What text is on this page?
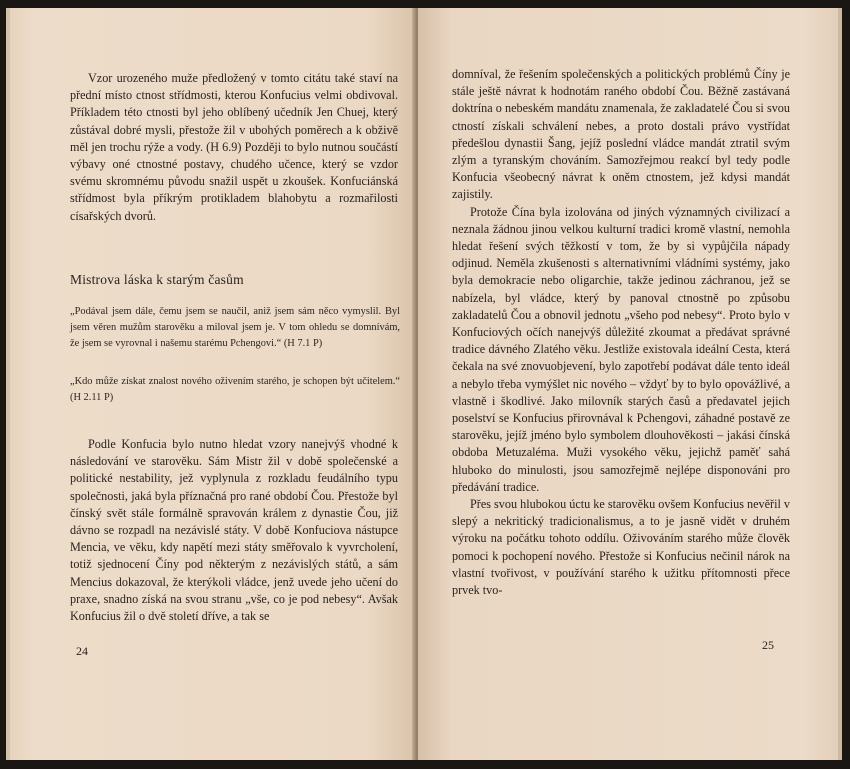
Vzor urozeného muže předložený v tomto citátu také staví na přední místo ctnost střídmosti, kterou Konfucius velmi obdivoval. Příkladem této ctnosti byl jeho oblíbený učedník Jen Chuej, který zůstával dobré mysli, přestože žil v ubohých poměrech a k obživě měl jen trochu rýže a vody. (H 6.9) Později to bylo nutnou součástí výbavy oné ctnostné postavy, chudého učence, který se vzdor svému skromnému původu snažil uspět u zkoušek. Konfuciánská střídmost byla příkrým protikladem blahobytu a rozmařilosti císařských dvorů.

Mistrova láska k starým časům
„Podával jsem dále, čemu jsem se naučil, aniž jsem sám něco vymyslil. Byl jsem věren mužům starověku a miloval jsem je. V tom ohledu se domnívám, že jsem se vyrovnal i našemu starému Pchengovi.“ (H 7.1 P)
„Kdo může získat znalost nového oživením starého, je schopen být učitelem.“ (H 2.11 P)

Podle Konfucia bylo nutno hledat vzory nanejvýš vhodné k následování ve starověku. Sám Mistr žil v době společenské a politické nestability, jež vyplynula z rozkladu feudálního typu společnosti, jaká byla příznačná pro rané období Čou. Přestože byl čínský svět stále formálně spravován králem z dynastie Čou, již dávno se rozpadl na nezávislé státy. V době Konfuciova nástupce Mencia, ve věku, kdy napětí mezi státy směřovalo k vyvrcholení, totiž sjednocení Číny pod některým z nezávislých států, a sám Mencius dokazoval, že kterýkoli vládce, jenž uvede jeho učení do praxe, snadno získá na svou stranu „vše, co je pod nebesy“. Avšak Konfucius žil o dvě století dříve, a tak se

24

domníval, že řešením společenských a politických problémů Číny je stále ještě návrat k hodnotám raného období Čou. Běžně zastávaná doktrína o nebeském mandátu znamenala, že zakladatelé Čou si svou ctností získali schválení nebes, a proto dostali právo vystřídat předešlou dynastii Šang, jejíž poslední vládce mandát ztratil svým zlým a tyranským chováním. Samozřejmou reakcí byl tedy podle Konfucia všeobecný návrat k oněm ctnostem, jež kdysi mandát zajistily.

Protože Čína byla izolována od jiných významných civilizací a neznala žádnou jinou velkou kulturní tradici kromě vlastní, nemohla hledat řešení svých těžkostí v tom, že by si vypůjčila nápady odjinud. Neměla zkušenosti s alternativními vládními systémy, jako byla demokracie nebo oligarchie, takže jedinou záchranou, jež se nabízela, byl vládce, který by panoval ctnostně po způsobu zakladatelů Čou a obnovil jednotu „všeho pod nebesy“. Proto bylo v Konfuciových očích nanejvýš důležité zkoumat a předávat správné tradice dávného Zlatého věku. Jestliže existovala ideální Cesta, která čekala na své znovuobjevení, bylo zapotřebí podávat dále tento ideál a nebylo třeba vymýšlet nic nového – vždyť by to bylo opovážlivé, a vlastně i škodlivé. Jako milovník starých časů a předavatel jejich poselství se Konfucius přirovnával k Pchengovi, záhadné postavě ze starověku, jejíž jméno bylo symbolem dlouhověkosti – jakási čínská obdoba Metuzaléma. Muži vysokého věku, jejichž paměť sahá hluboko do minulosti, jsou samozřejmě nejlépe disponováni pro předávání tradice.

Přes svou hlubokou úctu ke starověku ovšem Konfucius nevěřil v slepý a nekritický tradicionalismus, a to je jasně vidět v druhém výroku na počátku tohoto oddílu. Oživováním starého může člověk pomoci k pochopení nového. Přestože si Konfucius nečinil nárok na vlastní tvořivost, v používání starého k užitku přítomnosti přece prvek tvo-

25
